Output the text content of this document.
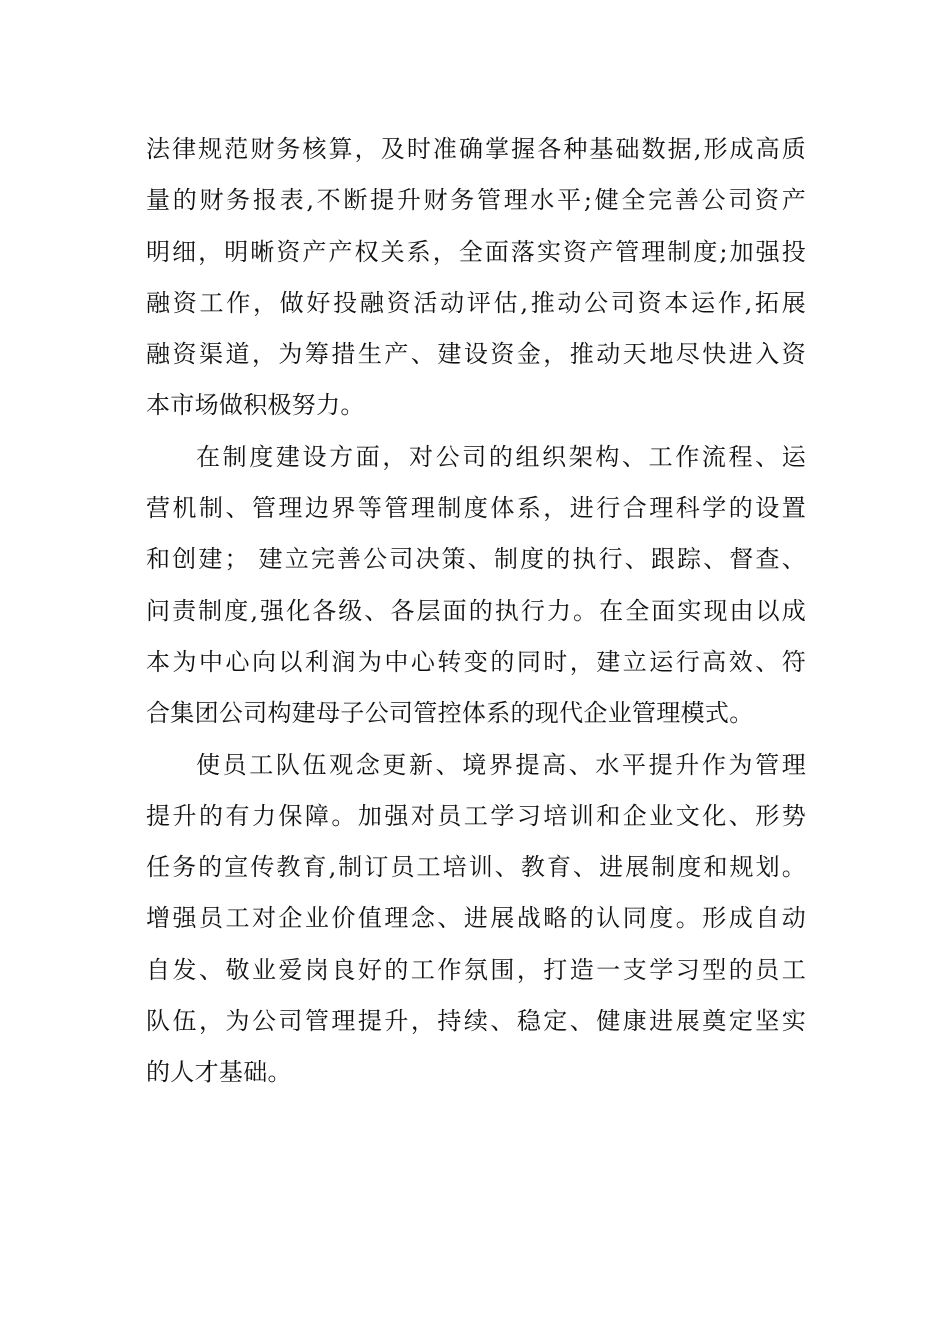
法律规范财务核算，及时准确掌握各种基础数据,形成高质
量的财务报表,不断提升财务管理水平;健全完善公司资产
明细，明晰资产产权关系，全面落实资产管理制度;加强投
融资工作，做好投融资活动评估,推动公司资本运作,拓展
融资渠道，为筹措生产、建设资金，推动天地尽快进入资
本市场做积极努力。
在制度建设方面，对公司的组织架构、工作流程、运
营机制、管理边界等管理制度体系，进行合理科学的设置
和创建； 建立完善公司决策、制度的执行、跟踪、督查、
问责制度,强化各级、各层面的执行力。在全面实现由以成
本为中心向以利润为中心转变的同时，建立运行高效、符
合集团公司构建母子公司管控体系的现代企业管理模式。
使员工队伍观念更新、境界提高、水平提升作为管理
提升的有力保障。加强对员工学习培训和企业文化、形势
任务的宣传教育,制订员工培训、教育、进展制度和规划。
增强员工对企业价值理念、进展战略的认同度。形成自动
自发、敬业爱岗良好的工作氛围，打造一支学习型的员工
队伍，为公司管理提升，持续、稳定、健康进展奠定坚实
的人才基础。
